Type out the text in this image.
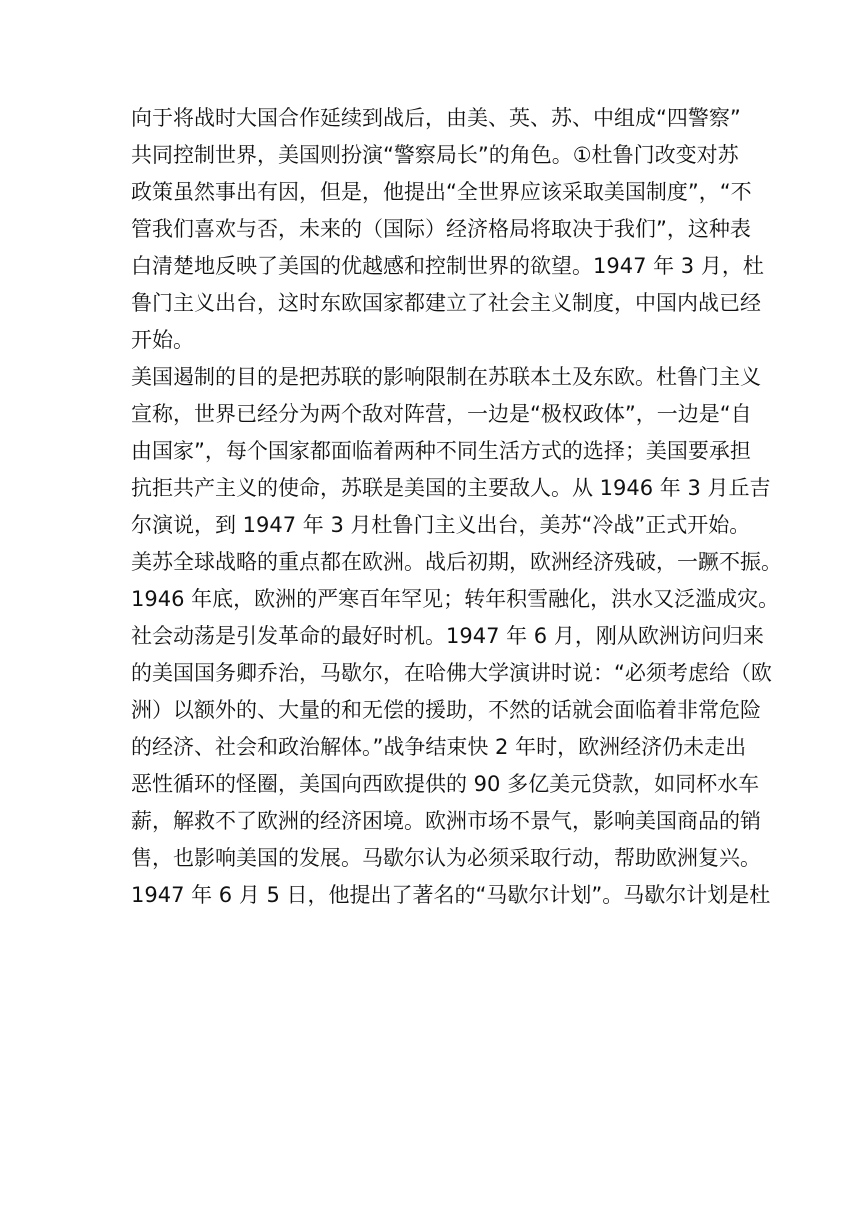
向于将战时大国合作延续到战后，由美、英、苏、中组成“四警察”
共同控制世界，美国则扮演“警察局长”的角色。①杜鲁门改变对苏
政策虽然事出有因，但是，他提出“全世界应该采取美国制度”，“不
管我们喜欢与否，未来的（国际）经济格局将取决于我们”，这种表
白清楚地反映了美国的优越感和控制世界的欲望。1947 年 3 月，杜
鲁门主义出台，这时东欧国家都建立了社会主义制度，中国内战已经
开始。
美国遏制的目的是把苏联的影响限制在苏联本土及东欧。杜鲁门主义
宣称，世界已经分为两个敌对阵营，一边是“极权政体”，一边是“自
由国家”，每个国家都面临着两种不同生活方式的选择；美国要承担
抗拒共产主义的使命，苏联是美国的主要敌人。从 1946 年 3 月丘吉
尔演说，到 1947 年 3 月杜鲁门主义出台，美苏“冷战”正式开始。
美苏全球战略的重点都在欧洲。战后初期，欧洲经济残破，一蹶不振。
1946 年底，欧洲的严寒百年罕见；转年积雪融化，洪水又泛滥成灾。
社会动荡是引发革命的最好时机。1947 年 6 月，刚从欧洲访问归来
的美国国务卿乔治，马歇尔，在哈佛大学演讲时说：“必须考虑给（欧
洲）以额外的、大量的和无偿的援助，不然的话就会面临着非常危险
的经济、社会和政治解体。”战争结束快 2 年时，欧洲经济仍未走出
恶性循环的怪圈，美国向西欧提供的 90 多亿美元贷款，如同杯水车
薪，解救不了欧洲的经济困境。欧洲市场不景气，影响美国商品的销
售，也影响美国的发展。马歇尔认为必须采取行动，帮助欧洲复兴。
1947 年 6 月 5 日，他提出了著名的“马歇尔计划”。马歇尔计划是杜
